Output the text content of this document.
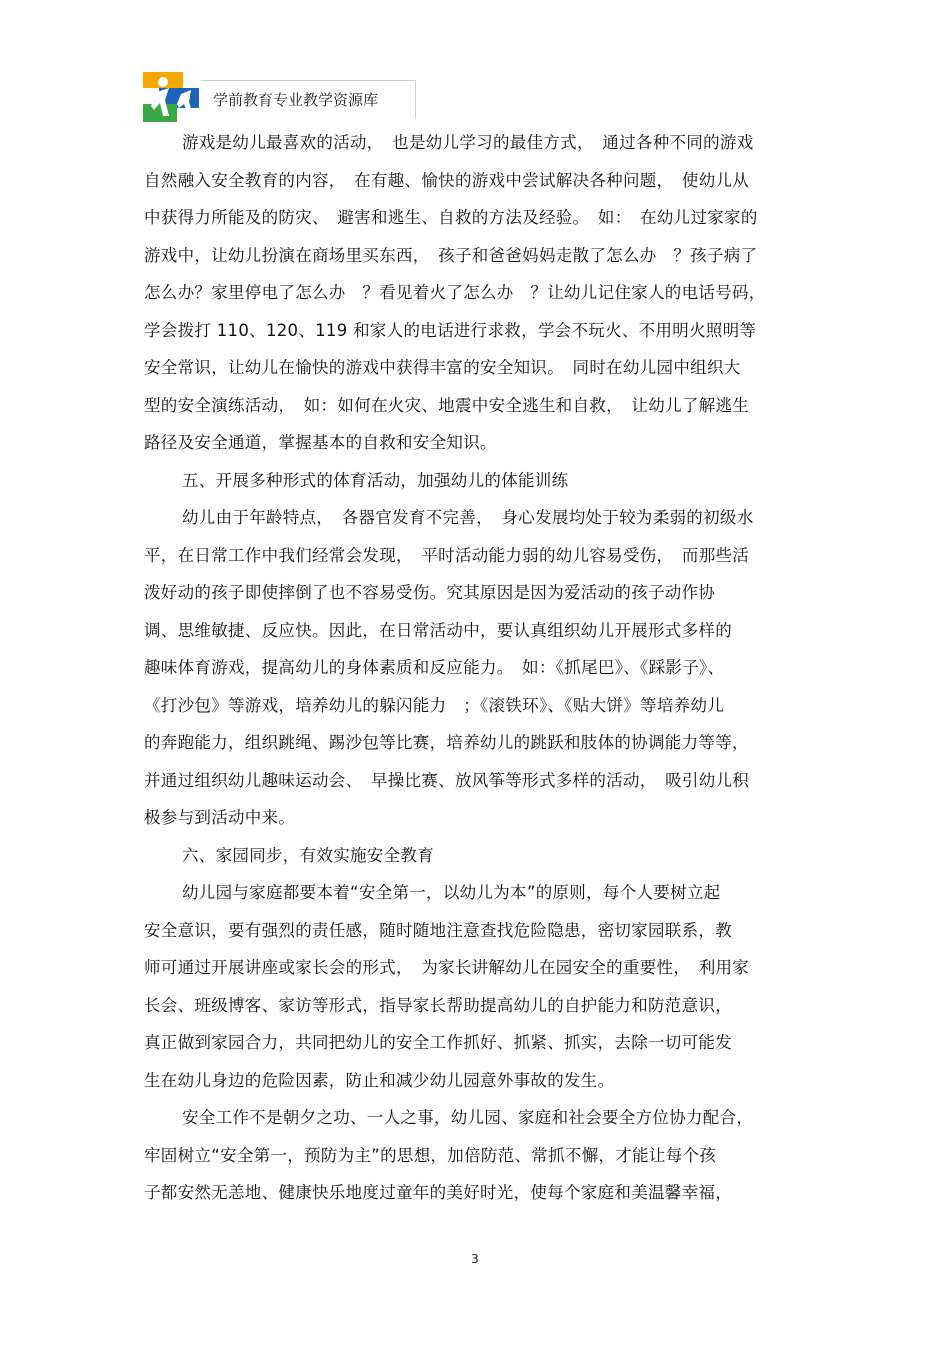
学前教育专业教学资源库
游戏是幼儿最喜欢的活动，　也是幼儿学习的最佳方式，　通过各种不同的游戏
自然融入安全教育的内容，　在有趣、愉快的游戏中尝试解决各种问题，　使幼儿从
中获得力所能及的防灾、　避害和逃生、自救的方法及经验。　如：　在幼儿过家家的
游戏中，让幼儿扮演在商场里买东西，　孩子和爸爸妈妈走散了怎么办　？孩子病了
怎么办？家里停电了怎么办　？看见着火了怎么办　？让幼儿记住家人的电话号码，
学会拨打 110、120、119 和家人的电话进行求救，学会不玩火、不用明火照明等
安全常识，让幼儿在愉快的游戏中获得丰富的安全知识。　同时在幼儿园中组织大
型的安全演练活动，　如：如何在火灾、地震中安全逃生和自救，　让幼儿了解逃生
路径及安全通道，掌握基本的自救和安全知识。
五、开展多种形式的体育活动，加强幼儿的体能训练
幼儿由于年龄特点，　各器官发育不完善，　身心发展均处于较为柔弱的初级水
平，在日常工作中我们经常会发现，　平时活动能力弱的幼儿容易受伤，　而那些活
泼好动的孩子即使摔倒了也不容易受伤。究其原因是因为爱活动的孩子动作协
调、思维敏捷、反应快。因此，在日常活动中，要认真组织幼儿开展形式多样的
趣味体育游戏，提高幼儿的身体素质和反应能力。　如：《抓尾巴》、《踩影子》、
《打沙包》等游戏，培养幼儿的躲闪能力　；《滚铁环》、《贴大饼》等培养幼儿
的奔跑能力，组织跳绳、踢沙包等比赛，培养幼儿的跳跃和肢体的协调能力等等，
并通过组织幼儿趣味运动会、　早操比赛、放风筝等形式多样的活动，　吸引幼儿积
极参与到活动中来。
六、家园同步，有效实施安全教育
幼儿园与家庭都要本着“安全第一，以幼儿为本”的原则，每个人要树立起
安全意识，要有强烈的责任感，随时随地注意查找危险隐患，密切家园联系，教
师可通过开展讲座或家长会的形式，　为家长讲解幼儿在园安全的重要性，　利用家
长会、班级博客、家访等形式，指导家长帮助提高幼儿的自护能力和防范意识，
真正做到家园合力，共同把幼儿的安全工作抓好、抓紧、抓实，去除一切可能发
生在幼儿身边的危险因素，防止和减少幼儿园意外事故的发生。
安全工作不是朝夕之功、一人之事，幼儿园、家庭和社会要全方位协力配合，
牢固树立“安全第一，预防为主”的思想，加倍防范、常抓不懈，才能让每个孩
子都安然无恙地、健康快乐地度过童年的美好时光，使每个家庭和美温馨幸福，
3
